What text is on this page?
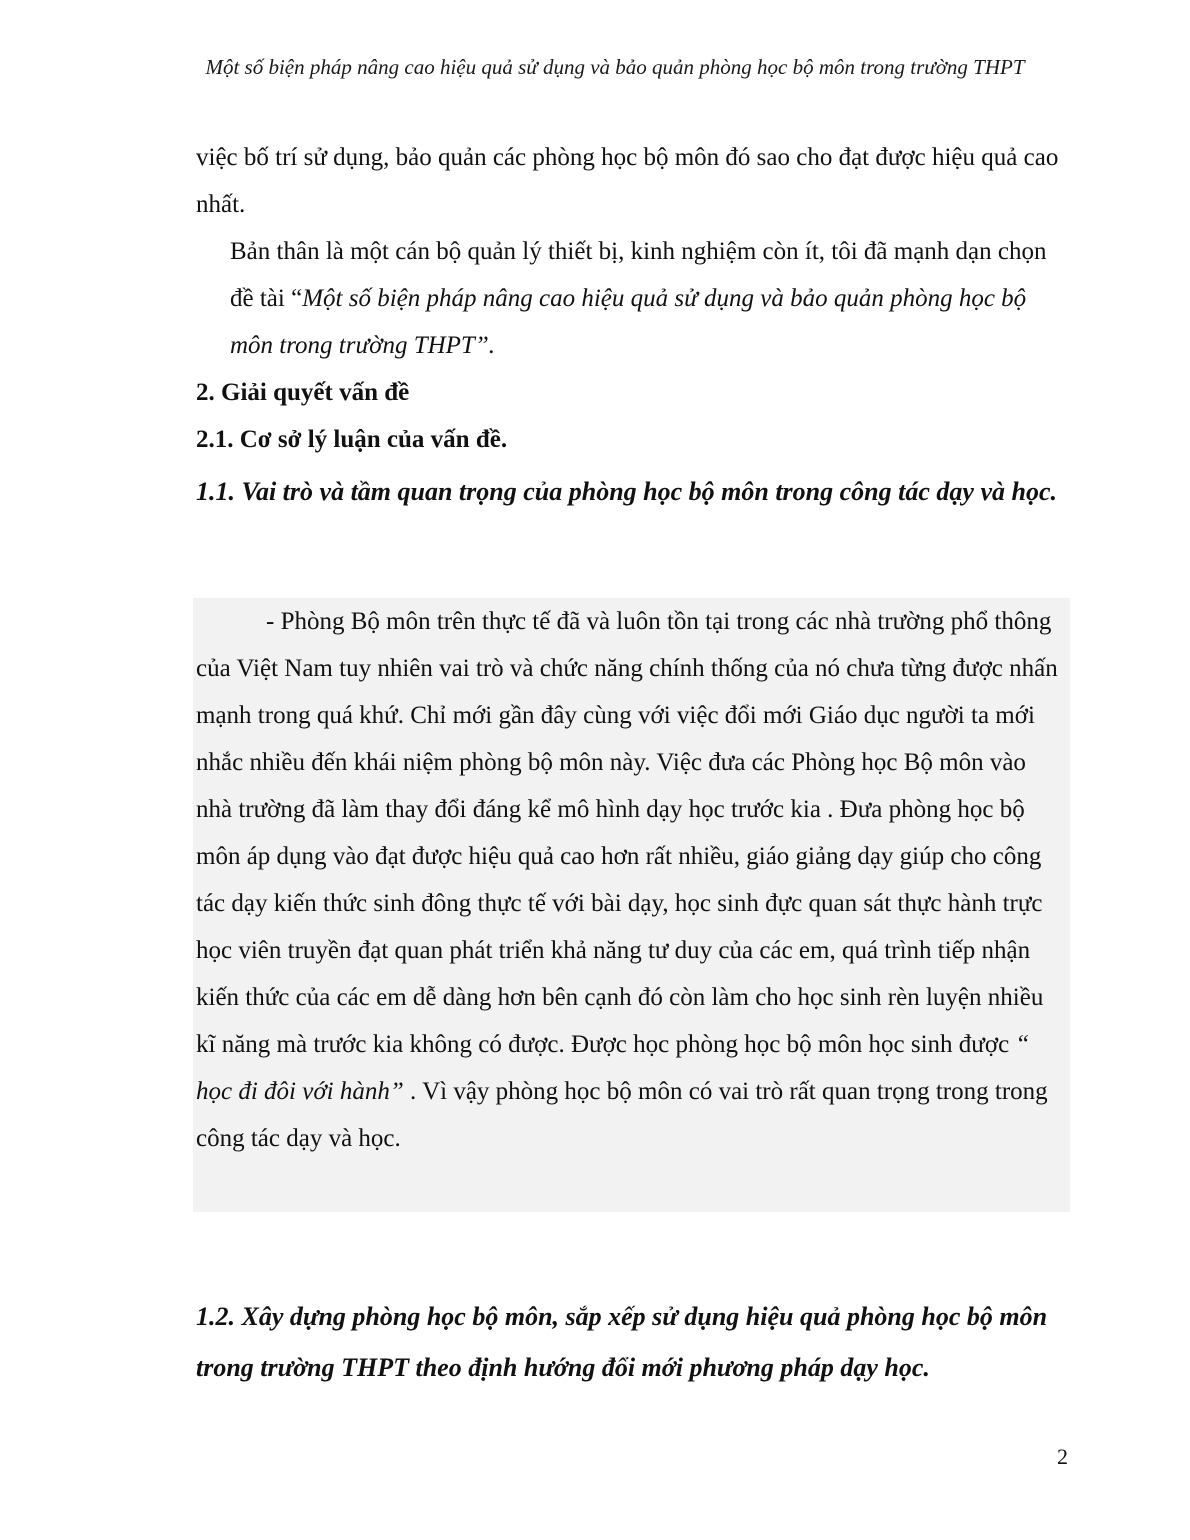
Một số biện pháp nâng cao hiệu quả sử dụng và bảo quản phòng học bộ môn trong trường THPT

việc bố trí sử dụng, bảo quản các phòng học bộ môn đó sao cho đạt được hiệu quả cao nhất.

Bản thân là một cán bộ quản lý thiết bị, kinh nghiệm còn ít, tôi đã mạnh dạn chọn đề tài “Một số biện pháp nâng cao hiệu quả sử dụng và bảo quản phòng học bộ môn trong trường THPT”.

2. Giải quyết vấn đề

2.1. Cơ sở lý luận của vấn đề.

1.1. Vai trò và tầm quan trọng của phòng học bộ môn trong công tác dạy và học.

- Phòng Bộ môn trên thực tế đã và luôn tồn tại trong các nhà trường phổ thông của Việt Nam tuy nhiên vai trò và chức năng chính thống của nó chưa từng được nhấn mạnh trong quá khứ. Chỉ mới gần đây cùng với việc đổi mới Giáo dục người ta mới nhắc nhiều đến khái niệm phòng bộ môn này. Việc đưa các Phòng học Bộ môn vào nhà trường đã làm thay đổi đáng kể mô hình dạy học trước kia . Đưa phòng học bộ môn áp dụng vào đạt được hiệu quả cao hơn rất nhiều, giáo giảng dạy giúp cho công tác dạy kiến thức sinh đông thực tế với bài dạy, học sinh đực quan sát thực hành trực học viên truyền đạt quan phát triển khả năng tư duy của các em, quá trình tiếp nhận kiến thức của các em dễ dàng hơn bên cạnh đó còn làm cho học sinh rèn luyện nhiều kĩ năng mà trước kia không có được. Được học phòng học bộ môn học sinh được “ học đi đôi với hành” . Vì vậy phòng học bộ môn có vai trò rất quan trọng trong trong công tác dạy và học.

1.2. Xây dựng phòng học bộ môn, sắp xếp sử dụng hiệu quả phòng học bộ môn trong trường THPT theo định hướng đổi mới phương pháp dạy học.

2
